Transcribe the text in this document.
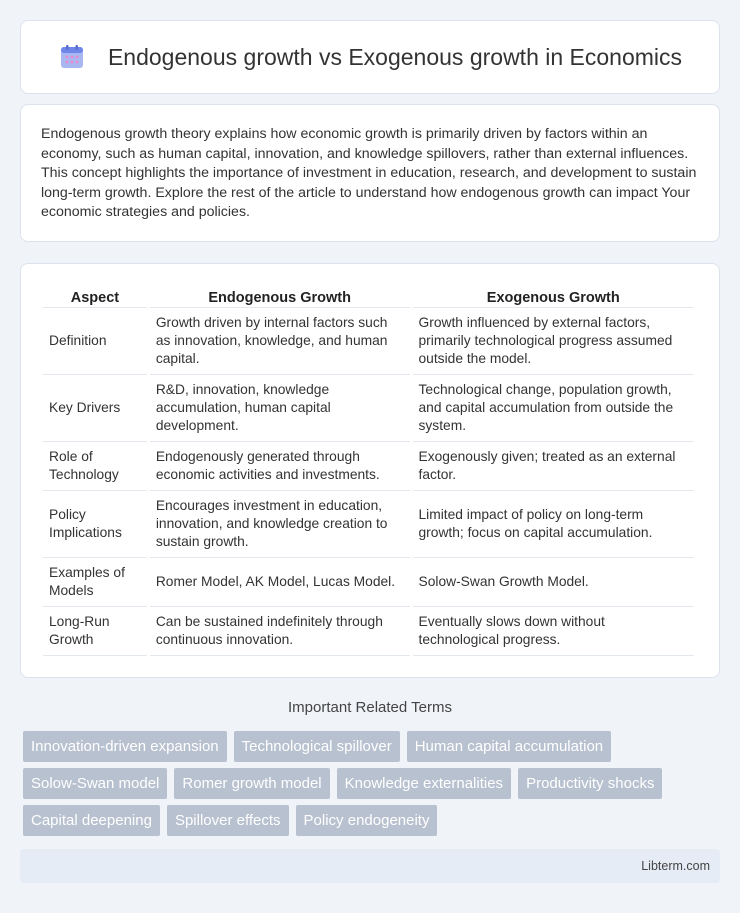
Endogenous growth vs Exogenous growth in Economics

Endogenous growth theory explains how economic growth is primarily driven by factors within an economy, such as human capital, innovation, and knowledge spillovers, rather than external influences. This concept highlights the importance of investment in education, research, and development to sustain long-term growth. Explore the rest of the article to understand how endogenous growth can impact Your economic strategies and policies.

Aspect	Endogenous Growth	Exogenous Growth
Definition	Growth driven by internal factors such as innovation, knowledge, and human capital.	Growth influenced by external factors, primarily technological progress assumed outside the model.
Key Drivers	R&D, innovation, knowledge accumulation, human capital development.	Technological change, population growth, and capital accumulation from outside the system.
Role of Technology	Endogenously generated through economic activities and investments.	Exogenously given; treated as an external factor.
Policy Implications	Encourages investment in education, innovation, and knowledge creation to sustain growth.	Limited impact of policy on long-term growth; focus on capital accumulation.
Examples of Models	Romer Model, AK Model, Lucas Model.	Solow-Swan Growth Model.
Long-Run Growth	Can be sustained indefinitely through continuous innovation.	Eventually slows down without technological progress.
Important Related Terms
Innovation-driven expansion	Technological spillover	Human capital accumulation
Solow-Swan model	Romer growth model	Knowledge externalities	Productivity shocks
Capital deepening	Spillover effects	Policy endogeneity
Libterm.com
